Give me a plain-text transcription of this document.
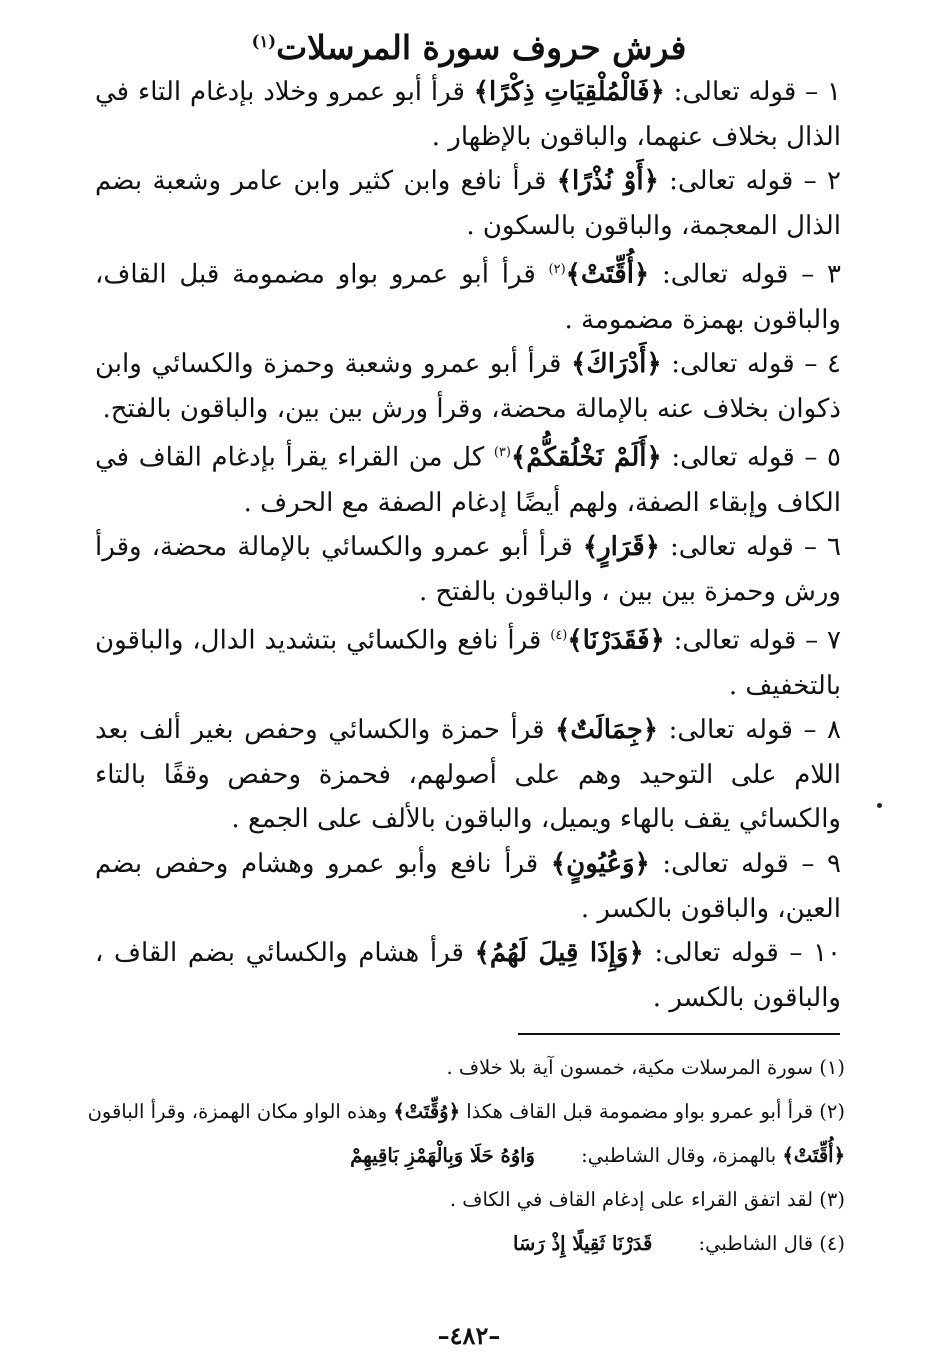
فرش حروف سورة المرسلات$^{(١)}$

١ – قوله تعالى: ﴿فَالْمُلْقِيَاتِ ذِكْرًا﴾ قرأ أبو عمرو وخلاد بإدغام التاء في الذال بخلاف عنهما، والباقون بالإظهار .

٢ – قوله تعالى: ﴿أَوْ نُذْرًا﴾ قرأ نافع وابن كثير وابن عامر وشعبة بضم الذال المعجمة، والباقون بالسكون .

٣ – قوله تعالى: ﴿أُقِّتَتْ﴾$^{(٢)}$ قرأ أبو عمرو بواو مضمومة قبل القاف، والباقون بهمزة مضمومة .

٤ – قوله تعالى: ﴿أَدْرَاكَ﴾ قرأ أبو عمرو وشعبة وحمزة والكسائي وابن ذكوان بخلاف عنه بالإمالة محضة، وقرأ ورش بين بين، والباقون بالفتح.

٥ – قوله تعالى: ﴿أَلَمْ نَخْلُقكُّمْ﴾$^{(٣)}$ كل من القراء يقرأ بإدغام القاف في الكاف وإبقاء الصفة، ولهم أيضًا إدغام الصفة مع الحرف .

٦ – قوله تعالى: ﴿قَرَارٍ﴾ قرأ أبو عمرو والكسائي بالإمالة محضة، وقرأ ورش وحمزة بين بين ، والباقون بالفتح .

٧ – قوله تعالى: ﴿فَقَدَرْنَا﴾$^{(٤)}$ قرأ نافع والكسائي بتشديد الدال، والباقون بالتخفيف .

٨ – قوله تعالى: ﴿جِمَالَتٌ﴾ قرأ حمزة والكسائي وحفص بغير ألف بعد اللام على التوحيد وهم على أصولهم، فحمزة وحفص وقفًا بالتاء والكسائي يقف بالهاء ويميل، والباقون بالألف على الجمع .

٩ – قوله تعالى: ﴿وَعُيُونٍ﴾ قرأ نافع وأبو عمرو وهشام وحفص بضم العين، والباقون بالكسر .

١٠ – قوله تعالى: ﴿وَإِذَا قِيلَ لَهُمُ﴾ قرأ هشام والكسائي بضم القاف ، والباقون بالكسر .

(١) سورة المرسلات مكية، خمسون آية بلا خلاف .

(٢) قرأ أبو عمرو بواو مضمومة قبل القاف هكذا ﴿وُقِّتَتْ﴾ وهذه الواو مكان الهمزة، وقرأ الباقون ﴿أُقِّتَتْ﴾ بالهمزة، وقال الشاطبي: وَاوُهُ حَلَا وَبِالْهَمْزِ بَاقِيهِمْ

(٣) لقد اتفق القراء على إدغام القاف في الكاف .

(٤) قال الشاطبي: قَدَرْنَا ثَقِيلًا إِذْ رَسَا

–٤٨٢–
